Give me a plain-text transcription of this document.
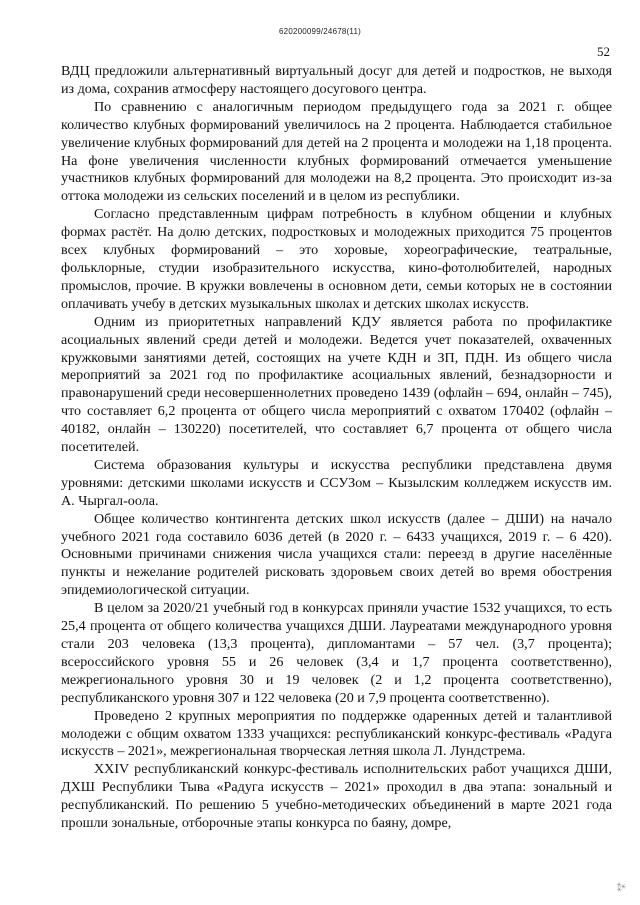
620200099/24678(11)
52

ВДЦ предложили альтернативный виртуальный досуг для детей и подростков, не выходя из дома, сохранив атмосферу настоящего досугового центра.

По сравнению с аналогичным периодом предыдущего года за 2021 г. общее количество клубных формирований увеличилось на 2 процента. Наблюдается стабильное увеличение клубных формирований для детей на 2 процента и молодежи на 1,18 процента. На фоне увеличения численности клубных формирований отмечается уменьшение участников клубных формирований для молодежи на 8,2 процента. Это происходит из-за оттока молодежи из сельских поселений и в целом из республики.

Согласно представленным цифрам потребность в клубном общении и клубных формах растёт. На долю детских, подростковых и молодежных приходится 75 процентов всех клубных формирований – это хоровые, хореографические, театральные, фольклорные, студии изобразительного искусства, кино-фотолюбителей, народных промыслов, прочие. В кружки вовлечены в основном дети, семьи которых не в состоянии оплачивать учебу в детских музыкальных школах и детских школах искусств.

Одним из приоритетных направлений КДУ является работа по профилактике асоциальных явлений среди детей и молодежи. Ведется учет показателей, охваченных кружковыми занятиями детей, состоящих на учете КДН и ЗП, ПДН. Из общего числа мероприятий за 2021 год по профилактике асоциальных явлений, безнадзорности и правонарушений среди несовершеннолетних проведено 1439 (офлайн – 694, онлайн – 745), что составляет 6,2 процента от общего числа мероприятий с охватом 170402 (офлайн – 40182, онлайн – 130220) посетителей, что составляет 6,7 процента от общего числа посетителей.

Система образования культуры и искусства республики представлена двумя уровнями: детскими школами искусств и ССУЗом – Кызылским колледжем искусств им. А. Чыргал-оола.

Общее количество контингента детских школ искусств (далее – ДШИ) на начало учебного 2021 года составило 6036 детей (в 2020 г. – 6433 учащихся, 2019 г. – 6 420). Основными причинами снижения числа учащихся стали: переезд в другие населённые пункты и нежелание родителей рисковать здоровьем своих детей во время обострения эпидемиологической ситуации.

В целом за 2020/21 учебный год в конкурсах приняли участие 1532 учащихся, то есть 25,4 процента от общего количества учащихся ДШИ. Лауреатами международного уровня стали 203 человека (13,3 процента), дипломантами – 57 чел. (3,7 процента); всероссийского уровня 55 и 26 человек (3,4 и 1,7 процента соответственно), межрегионального уровня 30 и 19 человек (2 и 1,2 процента соответственно), республиканского уровня 307 и 122 человека (20 и 7,9 процента соответственно).

Проведено 2 крупных мероприятия по поддержке одаренных детей и талантливой молодежи с общим охватом 1333 учащихся: республиканский конкурс-фестиваль «Радуга искусств – 2021», межрегиональная творческая летняя школа Л. Лундстрема.

XXIV республиканский конкурс-фестиваль исполнительских работ учащихся ДШИ, ДХШ Республики Тыва «Радуга искусств – 2021» проходил в два этапа: зональный и республиканский. По решению 5 учебно-методических объединений в марте 2021 года прошли зональные, отборочные этапы конкурса по баяну, домре,

⁂
